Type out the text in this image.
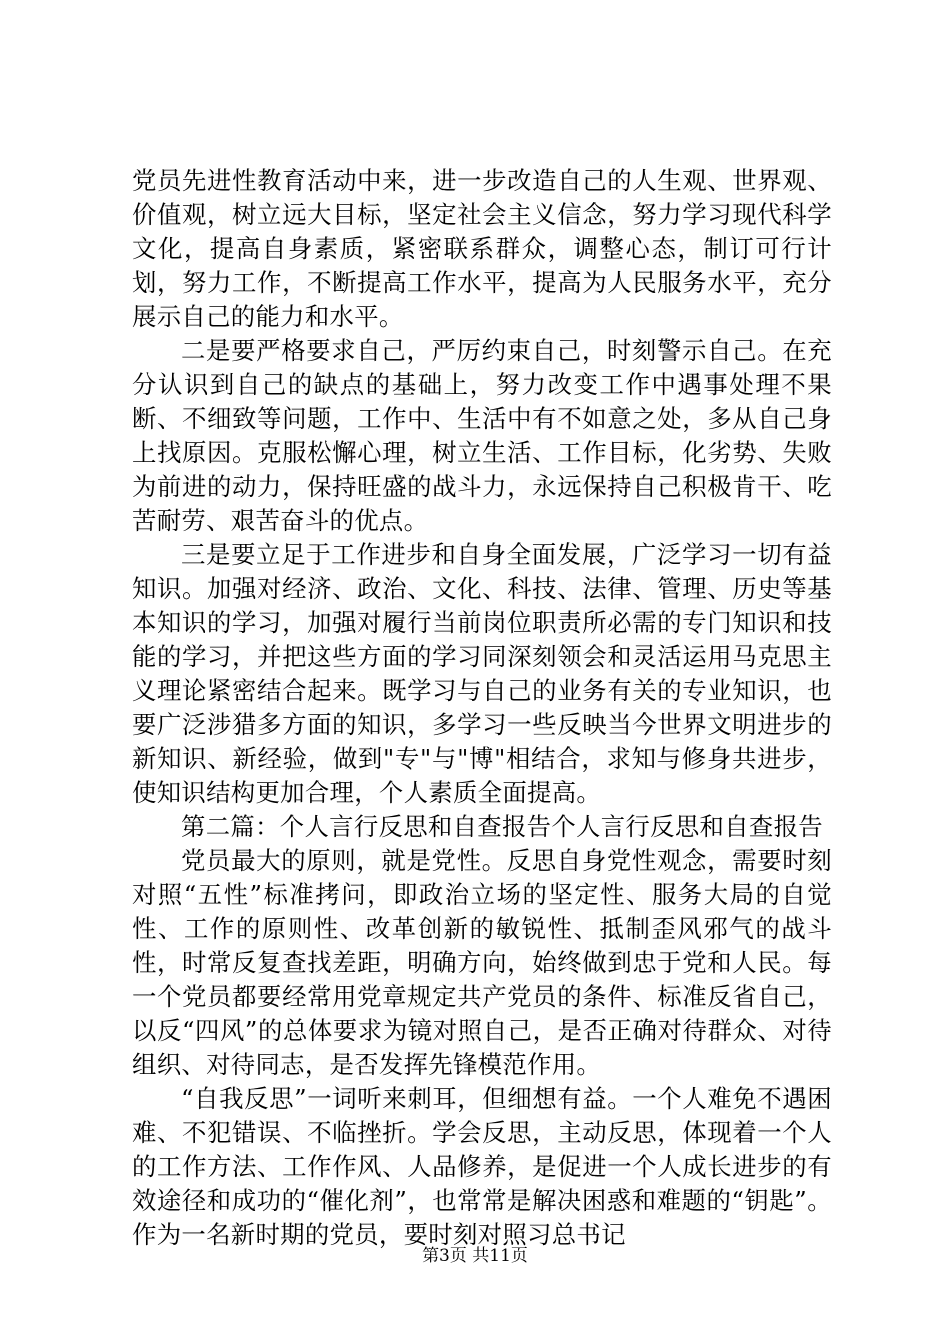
党员先进性教育活动中来，进一步改造自己的人生观、世界观、价值观，树立远大目标，坚定社会主义信念，努力学习现代科学文化，提高自身素质，紧密联系群众，调整心态，制订可行计划，努力工作，不断提高工作水平，提高为人民服务水平，充分展示自己的能力和水平。

二是要严格要求自己，严厉约束自己，时刻警示自己。在充分认识到自己的缺点的基础上，努力改变工作中遇事处理不果断、不细致等问题，工作中、生活中有不如意之处，多从自己身上找原因。克服松懈心理，树立生活、工作目标，化劣势、失败为前进的动力，保持旺盛的战斗力，永远保持自己积极肯干、吃苦耐劳、艰苦奋斗的优点。

三是要立足于工作进步和自身全面发展，广泛学习一切有益知识。加强对经济、政治、文化、科技、法律、管理、历史等基本知识的学习，加强对履行当前岗位职责所必需的专门知识和技能的学习，并把这些方面的学习同深刻领会和灵活运用马克思主义理论紧密结合起来。既学习与自己的业务有关的专业知识，也要广泛涉猎多方面的知识，多学习一些反映当今世界文明进步的新知识、新经验，做到"专"与"博"相结合，求知与修身共进步，使知识结构更加合理，个人素质全面提高。

第二篇：个人言行反思和自查报告个人言行反思和自查报告

党员最大的原则，就是党性。反思自身党性观念，需要时刻对照“五性”标准拷问，即政治立场的坚定性、服务大局的自觉性、工作的原则性、改革创新的敏锐性、抵制歪风邪气的战斗性，时常反复查找差距，明确方向，始终做到忠于党和人民。每一个党员都要经常用党章规定共产党员的条件、标准反省自己，以反“四风”的总体要求为镜对照自己，是否正确对待群众、对待组织、对待同志，是否发挥先锋模范作用。

“自我反思”一词听来刺耳，但细想有益。一个人难免不遇困难、不犯错误、不临挫折。学会反思，主动反思，体现着一个人的工作方法、工作作风、人品修养，是促进一个人成长进步的有效途径和成功的“催化剂”，也常常是解决困惑和难题的“钥匙”。作为一名新时期的党员，要时刻对照习总书记

第3页 共11页
